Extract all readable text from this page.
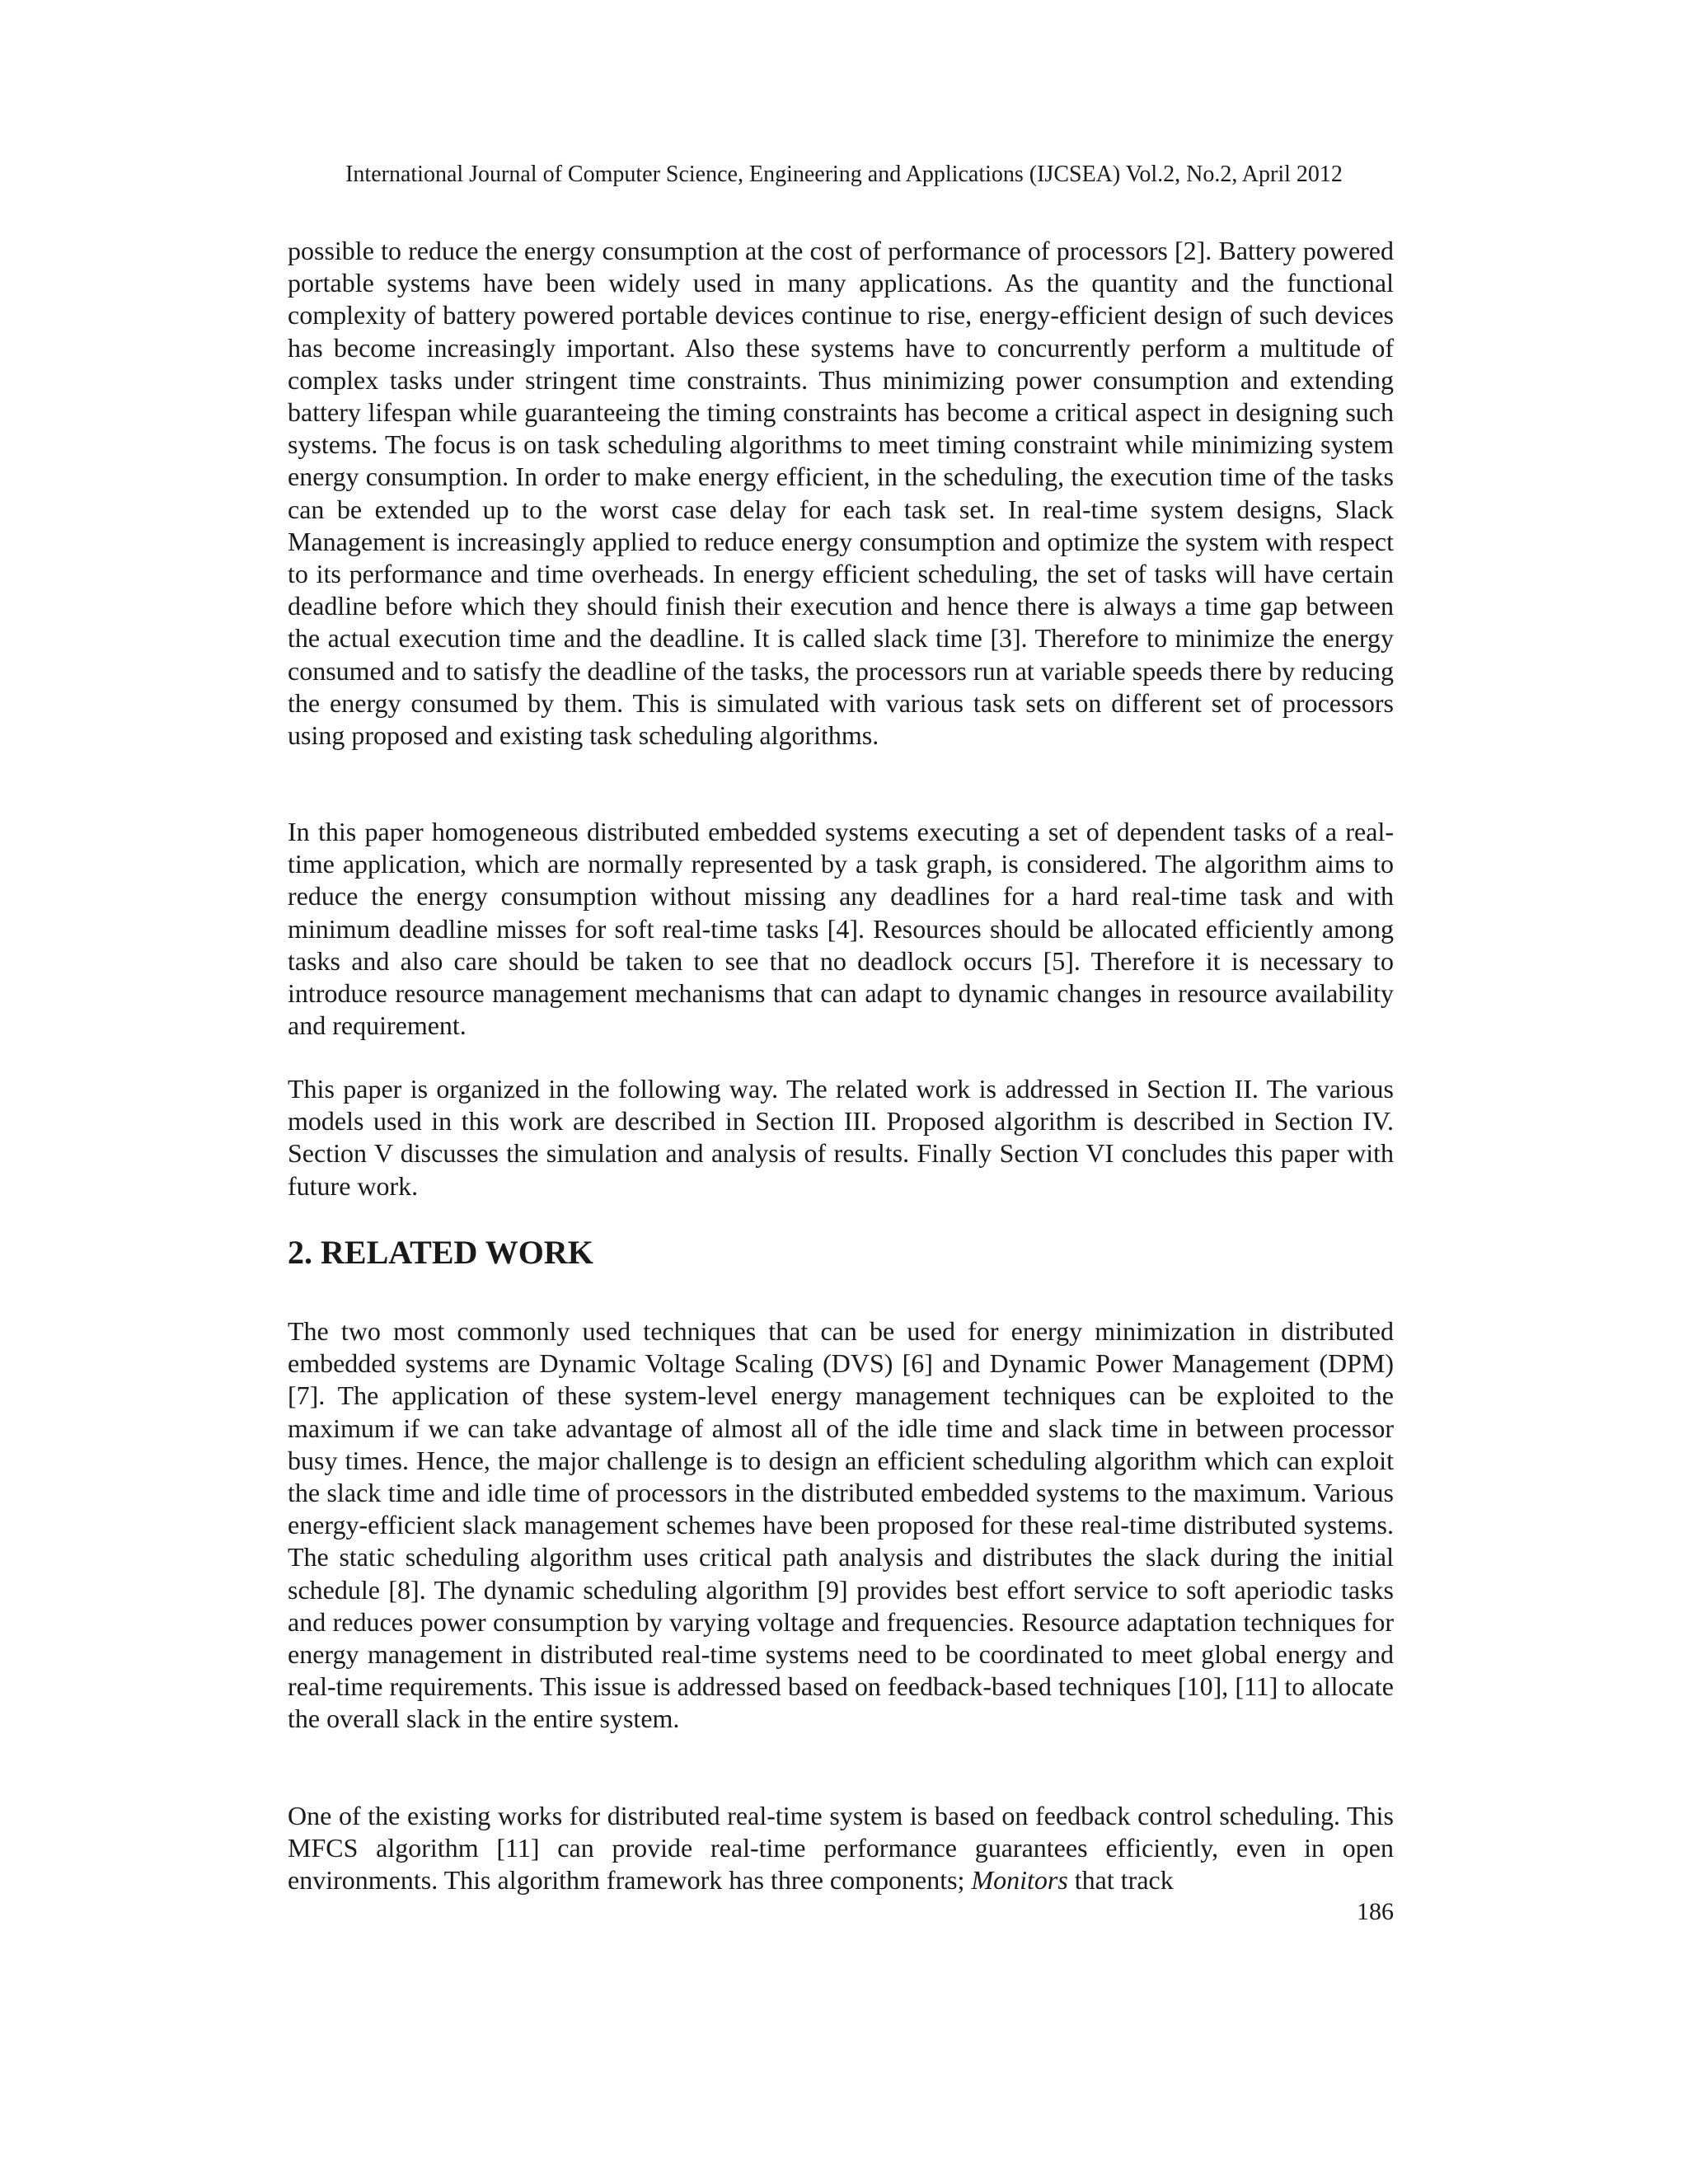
International Journal of Computer Science, Engineering and Applications (IJCSEA) Vol.2, No.2, April 2012

possible to reduce the energy consumption at the cost of performance of processors [2]. Battery powered portable systems have been widely used in many applications. As the quantity and the functional complexity of battery powered portable devices continue to rise, energy-efficient design of such devices has become increasingly important. Also these systems have to concurrently perform a multitude of complex tasks under stringent time constraints. Thus minimizing power consumption and extending battery lifespan while guaranteeing the timing constraints has become a critical aspect in designing such systems. The focus is on task scheduling algorithms to meet timing constraint while minimizing system energy consumption. In order to make energy efficient, in the scheduling, the execution time of the tasks can be extended up to the worst case delay for each task set. In real-time system designs, Slack Management is increasingly applied to reduce energy consumption and optimize the system with respect to its performance and time overheads. In energy efficient scheduling, the set of tasks will have certain deadline before which they should finish their execution and hence there is always a time gap between the actual execution time and the deadline. It is called slack time [3]. Therefore to minimize the energy consumed and to satisfy the deadline of the tasks, the processors run at variable speeds there by reducing the energy consumed by them. This is simulated with various task sets on different set of processors using proposed and existing task scheduling algorithms.

In this paper homogeneous distributed embedded systems executing a set of dependent tasks of a real-time application, which are normally represented by a task graph, is considered. The algorithm aims to reduce the energy consumption without missing any deadlines for a hard real-time task and with minimum deadline misses for soft real-time tasks [4]. Resources should be allocated efficiently among tasks and also care should be taken to see that no deadlock occurs [5]. Therefore it is necessary to introduce resource management mechanisms that can adapt to dynamic changes in resource availability and requirement.

This paper is organized in the following way. The related work is addressed in Section II. The various models used in this work are described in Section III. Proposed algorithm is described in Section IV. Section V discusses the simulation and analysis of results. Finally Section VI concludes this paper with future work.

2. RELATED WORK

The two most commonly used techniques that can be used for energy minimization in distributed embedded systems are Dynamic Voltage Scaling (DVS) [6] and Dynamic Power Management (DPM) [7]. The application of these system-level energy management techniques can be exploited to the maximum if we can take advantage of almost all of the idle time and slack time in between processor busy times. Hence, the major challenge is to design an efficient scheduling algorithm which can exploit the slack time and idle time of processors in the distributed embedded systems to the maximum. Various energy-efficient slack management schemes have been proposed for these real-time distributed systems. The static scheduling algorithm uses critical path analysis and distributes the slack during the initial schedule [8]. The dynamic scheduling algorithm [9] provides best effort service to soft aperiodic tasks and reduces power consumption by varying voltage and frequencies. Resource adaptation techniques for energy management in distributed real-time systems need to be coordinated to meet global energy and real-time requirements. This issue is addressed based on feedback-based techniques [10], [11] to allocate the overall slack in the entire system.

One of the existing works for distributed real-time system is based on feedback control scheduling. This MFCS algorithm [11] can provide real-time performance guarantees efficiently, even in open environments. This algorithm framework has three components; Monitors that track

186
